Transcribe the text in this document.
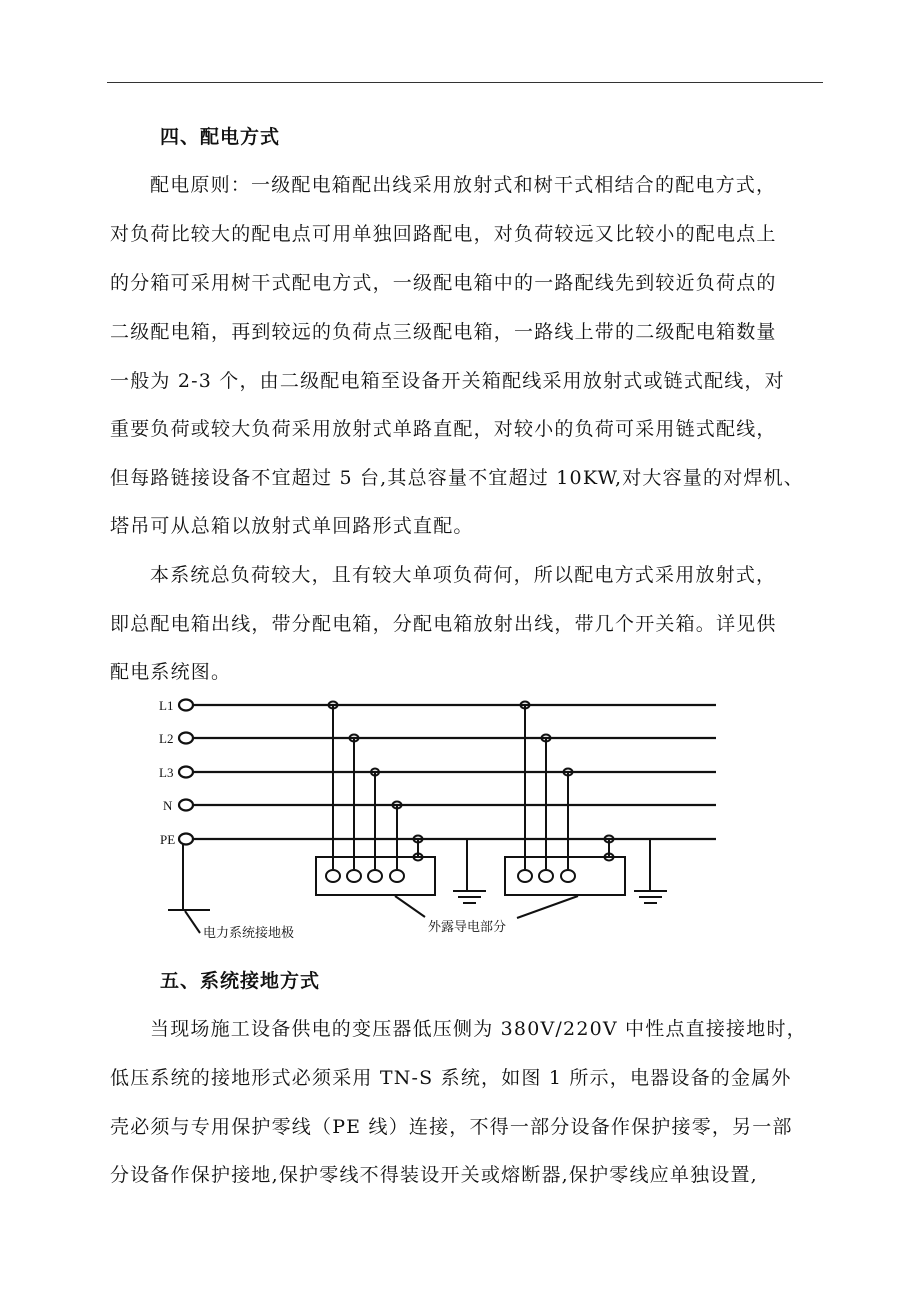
四、配电方式
配电原则：一级配电箱配出线采用放射式和树干式相结合的配电方式，
对负荷比较大的配电点可用单独回路配电，对负荷较远又比较小的配电点上
的分箱可采用树干式配电方式，一级配电箱中的一路配线先到较近负荷点的
二级配电箱，再到较远的负荷点三级配电箱，一路线上带的二级配电箱数量
一般为 2-3 个，由二级配电箱至设备开关箱配线采用放射式或链式配线，对
重要负荷或较大负荷采用放射式单路直配，对较小的负荷可采用链式配线，
但每路链接设备不宜超过 5 台,其总容量不宜超过 10KW,对大容量的对焊机、
塔吊可从总箱以放射式单回路形式直配。
本系统总负荷较大，且有较大单项负荷何，所以配电方式采用放射式，
即总配电箱出线，带分配电箱，分配电箱放射出线，带几个开关箱。详见供
配电系统图。
L1
L2
L3
N
PE
电力系统接地极	外露导电部分
五、系统接地方式
当现场施工设备供电的变压器低压侧为 380V/220V 中性点直接接地时，
低压系统的接地形式必须采用 TN-S 系统，如图 1 所示，电器设备的金属外
壳必须与专用保护零线（PE 线）连接，不得一部分设备作保护接零，另一部
分设备作保护接地,保护零线不得装设开关或熔断器,保护零线应单独设置,
